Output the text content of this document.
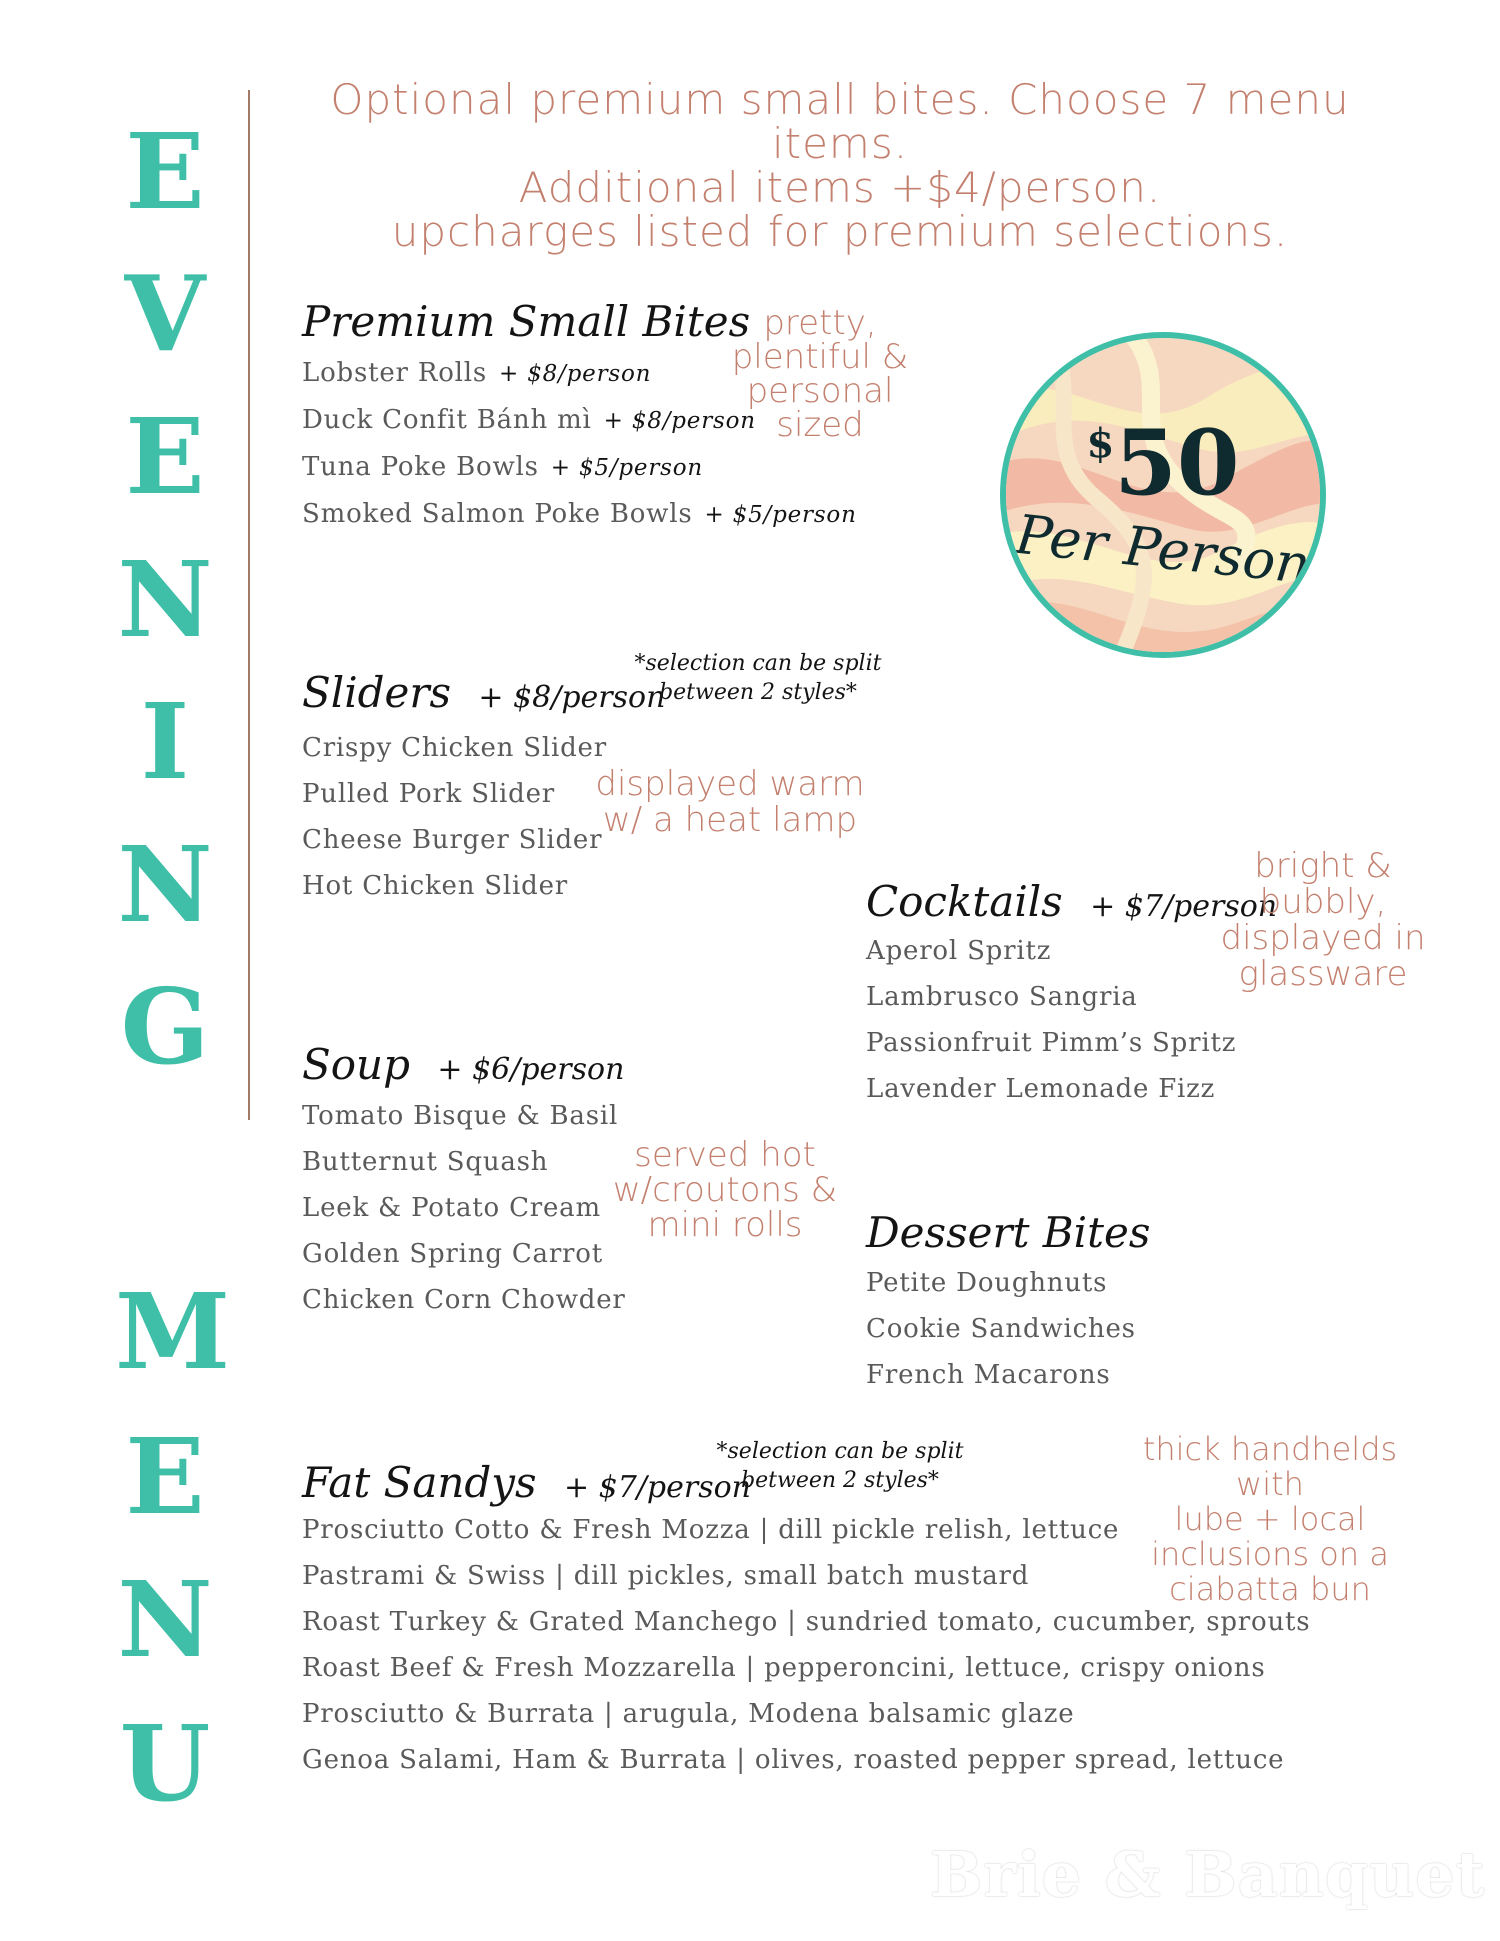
E
V
E
N
I
N
G
M
E
N
U
Optional premium small bites. Choose 7 menu items.
Additional items +$4/person.
upcharges listed for premium selections.
$50
Per Person
Premium Small Bites
Lobster Rolls + $8/person
Duck Confit Bánh mì + $8/person
Tuna Poke Bowls + $5/person
Smoked Salmon Poke Bowls + $5/person
pretty,
plentiful &
personal
sized
Sliders + $8/person
*selection can be split
between 2 styles*
Crispy Chicken Slider
Pulled Pork Slider
Cheese Burger Slider
Hot Chicken Slider
displayed warm
w/ a heat lamp
Cocktails + $7/person
Aperol Spritz
Lambrusco Sangria
Passionfruit Pimm’s Spritz
Lavender Lemonade Fizz
bright &
bubbly,
displayed in
glassware
Soup + $6/person
Tomato Bisque & Basil
Butternut Squash
Leek & Potato Cream
Golden Spring Carrot
Chicken Corn Chowder
served hot
w/croutons &
mini rolls	Dessert Bites
Petite Doughnuts
Cookie Sandwiches
French Macarons
Fat Sandys + $7/person
*selection can be split
between 2 styles*
Prosciutto Cotto & Fresh Mozza | dill pickle relish, lettuce
Pastrami & Swiss | dill pickles, small batch mustard
Roast Turkey & Grated Manchego | sundried tomato, cucumber, sprouts
Roast Beef & Fresh Mozzarella | pepperoncini, lettuce, crispy onions
Prosciutto & Burrata | arugula, Modena balsamic glaze
Genoa Salami, Ham & Burrata | olives, roasted pepper spread, lettuce
thick handhelds with
lube + local
inclusions on a
ciabatta bun
Brie & Banquet
